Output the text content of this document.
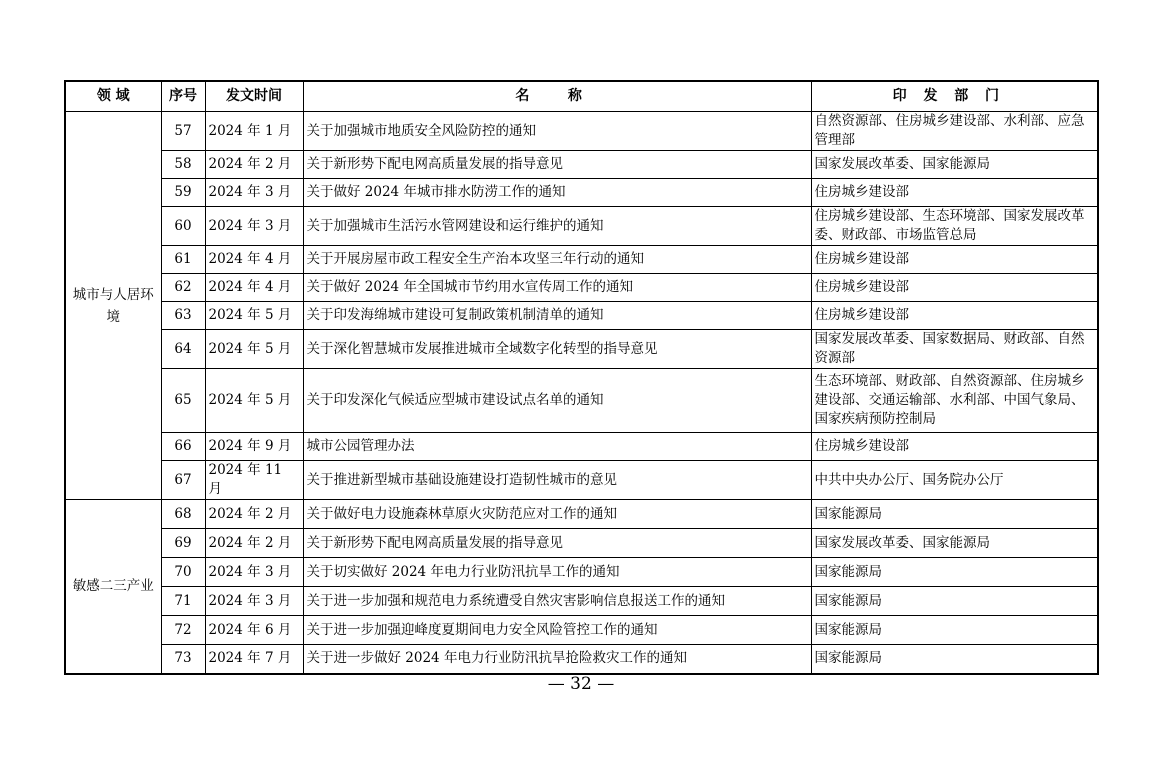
领 域	序号	发文时间	名 称	印发部门
城市与人居环境	57	2024 年 1 月	关于加强城市地质安全风险防控的通知	自然资源部、住房城乡建设部、水利部、应急管理部
	58	2024 年 2 月	关于新形势下配电网高质量发展的指导意见	国家发展改革委、国家能源局
	59	2024 年 3 月	关于做好 2024 年城市排水防涝工作的通知	住房城乡建设部
	60	2024 年 3 月	关于加强城市生活污水管网建设和运行维护的通知	住房城乡建设部、生态环境部、国家发展改革委、财政部、市场监管总局
	61	2024 年 4 月	关于开展房屋市政工程安全生产治本攻坚三年行动的通知	住房城乡建设部
	62	2024 年 4 月	关于做好 2024 年全国城市节约用水宣传周工作的通知	住房城乡建设部
	63	2024 年 5 月	关于印发海绵城市建设可复制政策机制清单的通知	住房城乡建设部
	64	2024 年 5 月	关于深化智慧城市发展推进城市全域数字化转型的指导意见	国家发展改革委、国家数据局、财政部、自然资源部
	65	2024 年 5 月	关于印发深化气候适应型城市建设试点名单的通知	生态环境部、财政部、自然资源部、住房城乡建设部、交通运输部、水利部、中国气象局、国家疾病预防控制局
	66	2024 年 9 月	城市公园管理办法	住房城乡建设部
	67	2024 年 11 月	关于推进新型城市基础设施建设打造韧性城市的意见	中共中央办公厅、国务院办公厅
敏感二三产业	68	2024 年 2 月	关于做好电力设施森林草原火灾防范应对工作的通知	国家能源局
	69	2024 年 2 月	关于新形势下配电网高质量发展的指导意见	国家发展改革委、国家能源局
	70	2024 年 3 月	关于切实做好 2024 年电力行业防汛抗旱工作的通知	国家能源局
	71	2024 年 3 月	关于进一步加强和规范电力系统遭受自然灾害影响信息报送工作的通知	国家能源局
	72	2024 年 6 月	关于进一步加强迎峰度夏期间电力安全风险管控工作的通知	国家能源局
	73	2024 年 7 月	关于进一步做好 2024 年电力行业防汛抗旱抢险救灾工作的通知	国家能源局
— 32 —
